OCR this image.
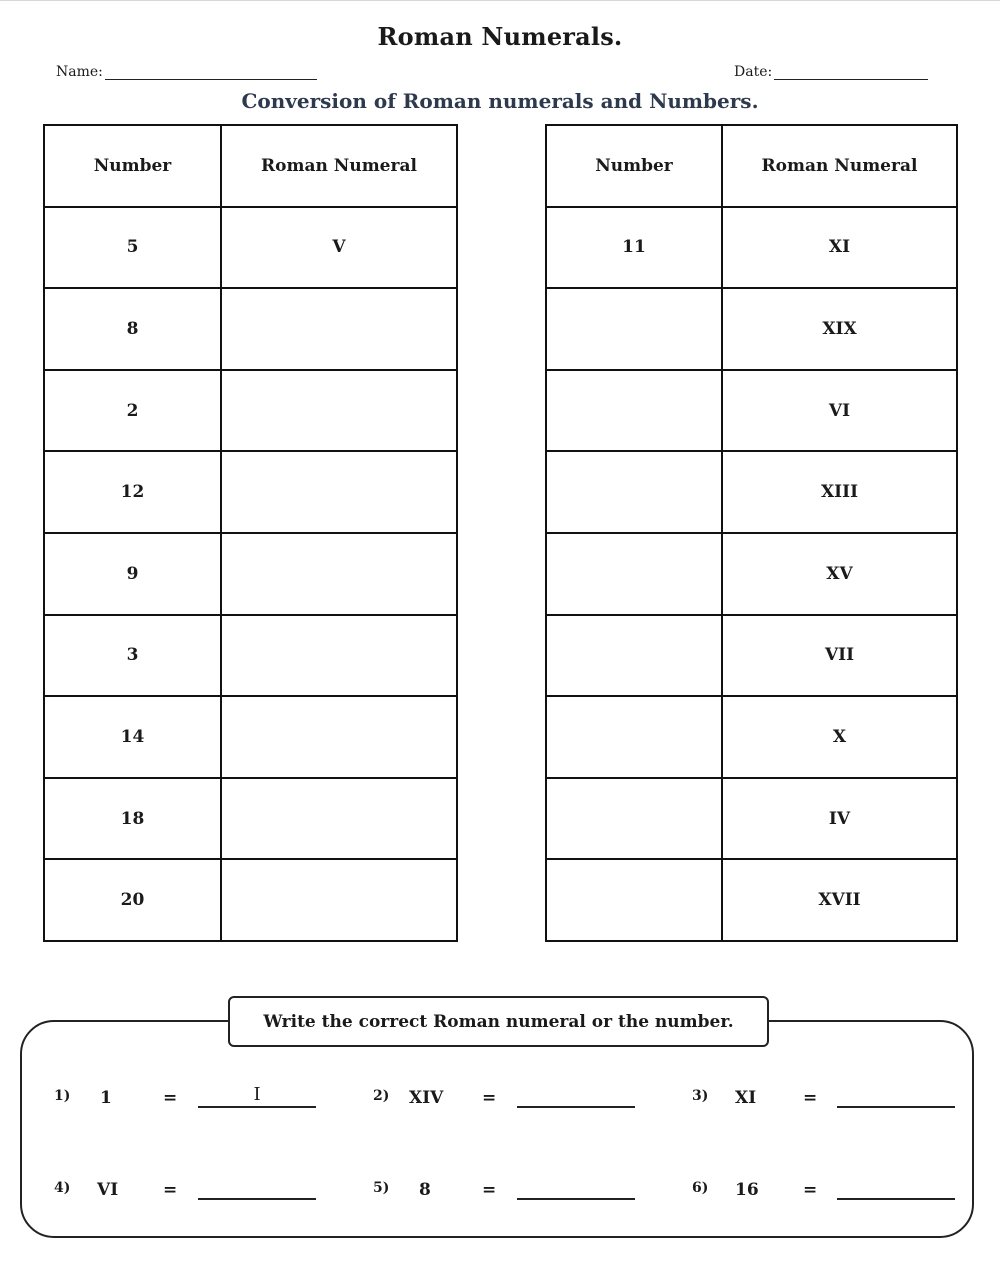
Roman Numerals.
Name:	Date:
Conversion of Roman numerals and Numbers.
Number	Roman Numeral
5	V
8	
2	
12	
9	
3	
14	
18	
20	
Number	Roman Numeral
11	XI
	XIX
	VI
	XIII
	XV
	VII
	X
	IV
	XVII
Write the correct Roman numeral or the number.
1) 1	=	I	2) XIV =	3) XI	=
4) VI	=	5) 8	=	6) 16	=
